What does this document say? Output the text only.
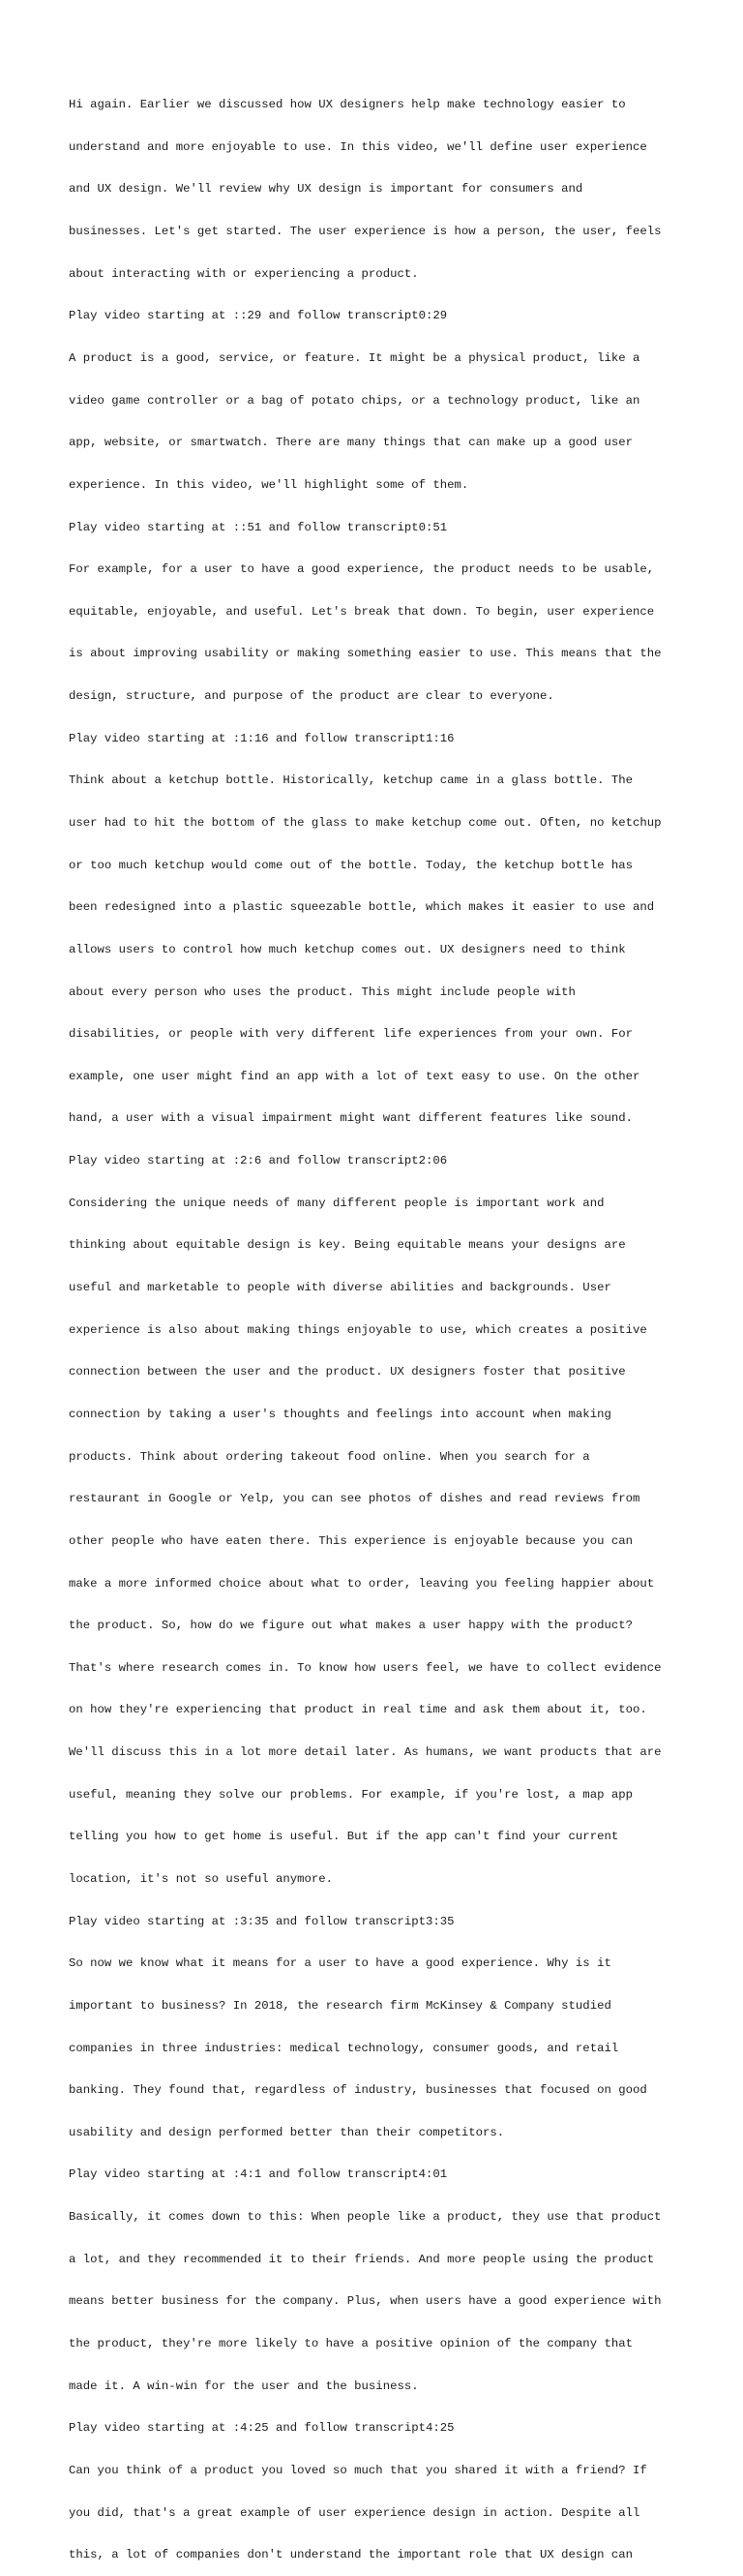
Hi again. Earlier we discussed how UX designers help make technology easier to

understand and more enjoyable to use. In this video, we'll define user experience

and UX design. We'll review why UX design is important for consumers and

businesses. Let's get started. The user experience is how a person, the user, feels

about interacting with or experiencing a product.

Play video starting at ::29 and follow transcript0:29

A product is a good, service, or feature. It might be a physical product, like a

video game controller or a bag of potato chips, or a technology product, like an

app, website, or smartwatch. There are many things that can make up a good user

experience. In this video, we'll highlight some of them.

Play video starting at ::51 and follow transcript0:51

For example, for a user to have a good experience, the product needs to be usable,

equitable, enjoyable, and useful. Let's break that down. To begin, user experience

is about improving usability or making something easier to use. This means that the

design, structure, and purpose of the product are clear to everyone.

Play video starting at :1:16 and follow transcript1:16

Think about a ketchup bottle. Historically, ketchup came in a glass bottle. The

user had to hit the bottom of the glass to make ketchup come out. Often, no ketchup

or too much ketchup would come out of the bottle. Today, the ketchup bottle has

been redesigned into a plastic squeezable bottle, which makes it easier to use and

allows users to control how much ketchup comes out. UX designers need to think

about every person who uses the product. This might include people with

disabilities, or people with very different life experiences from your own. For

example, one user might find an app with a lot of text easy to use. On the other

hand, a user with a visual impairment might want different features like sound.

Play video starting at :2:6 and follow transcript2:06

Considering the unique needs of many different people is important work and

thinking about equitable design is key. Being equitable means your designs are

useful and marketable to people with diverse abilities and backgrounds. User

experience is also about making things enjoyable to use, which creates a positive

connection between the user and the product. UX designers foster that positive

connection by taking a user's thoughts and feelings into account when making

products. Think about ordering takeout food online. When you search for a

restaurant in Google or Yelp, you can see photos of dishes and read reviews from

other people who have eaten there. This experience is enjoyable because you can

make a more informed choice about what to order, leaving you feeling happier about

the product. So, how do we figure out what makes a user happy with the product?

That's where research comes in. To know how users feel, we have to collect evidence

on how they're experiencing that product in real time and ask them about it, too.

We'll discuss this in a lot more detail later. As humans, we want products that are

useful, meaning they solve our problems. For example, if you're lost, a map app

telling you how to get home is useful. But if the app can't find your current

location, it's not so useful anymore.

Play video starting at :3:35 and follow transcript3:35

So now we know what it means for a user to have a good experience. Why is it

important to business? In 2018, the research firm McKinsey & Company studied

companies in three industries: medical technology, consumer goods, and retail

banking. They found that, regardless of industry, businesses that focused on good

usability and design performed better than their competitors.

Play video starting at :4:1 and follow transcript4:01

Basically, it comes down to this: When people like a product, they use that product

a lot, and they recommended it to their friends. And more people using the product

means better business for the company. Plus, when users have a good experience with

the product, they're more likely to have a positive opinion of the company that

made it. A win-win for the user and the business.

Play video starting at :4:25 and follow transcript4:25

Can you think of a product you loved so much that you shared it with a friend? If

you did, that's a great example of user experience design in action. Despite all

this, a lot of companies don't understand the important role that UX design can
